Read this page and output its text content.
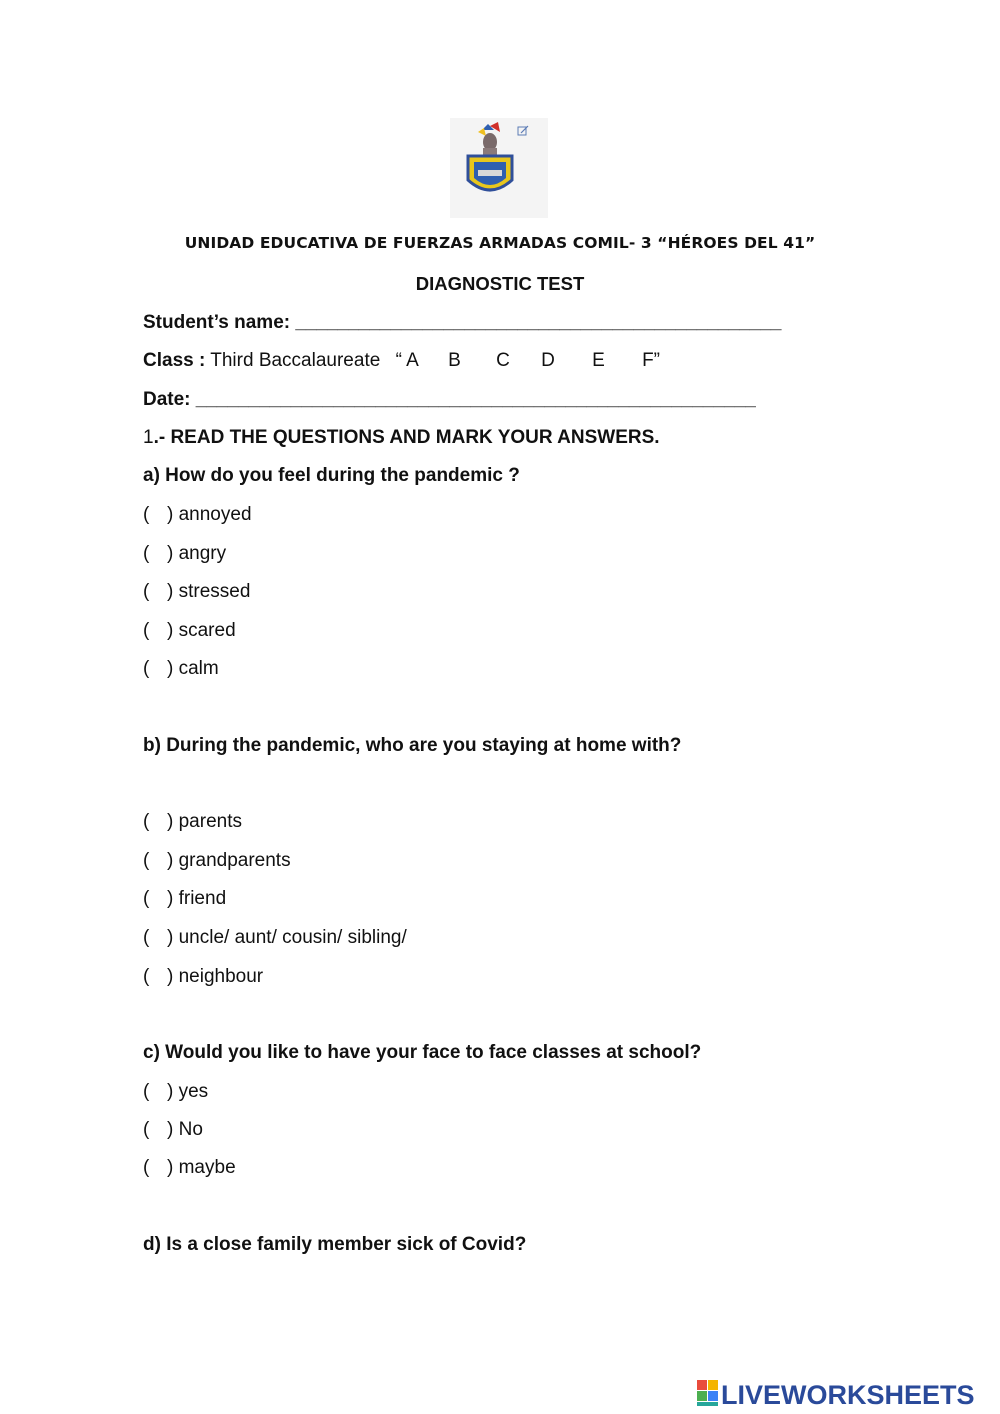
UNIDAD EDUCATIVA DE FUERZAS ARMADAS COMIL- 3 “HÉROES DEL 41”
DIAGNOSTIC TEST
Student’s name: ______________________________________________
Class : Third Baccalaureate “ A B C D E F”
Date: _____________________________________________________
1.- READ THE QUESTIONS AND MARK YOUR ANSWERS.
a) How do you feel during the pandemic ?
( ) annoyed
( ) angry
( ) stressed
( ) scared
( ) calm
b) During the pandemic, who are you staying at home with?
( ) parents
( ) grandparents
( ) friend
( ) uncle/ aunt/ cousin/ sibling/
( ) neighbour
c) Would you like to have your face to face classes at school?
( ) yes
( ) No
( ) maybe
d) Is a close family member sick of Covid?
LIVEWORKSHEETS
